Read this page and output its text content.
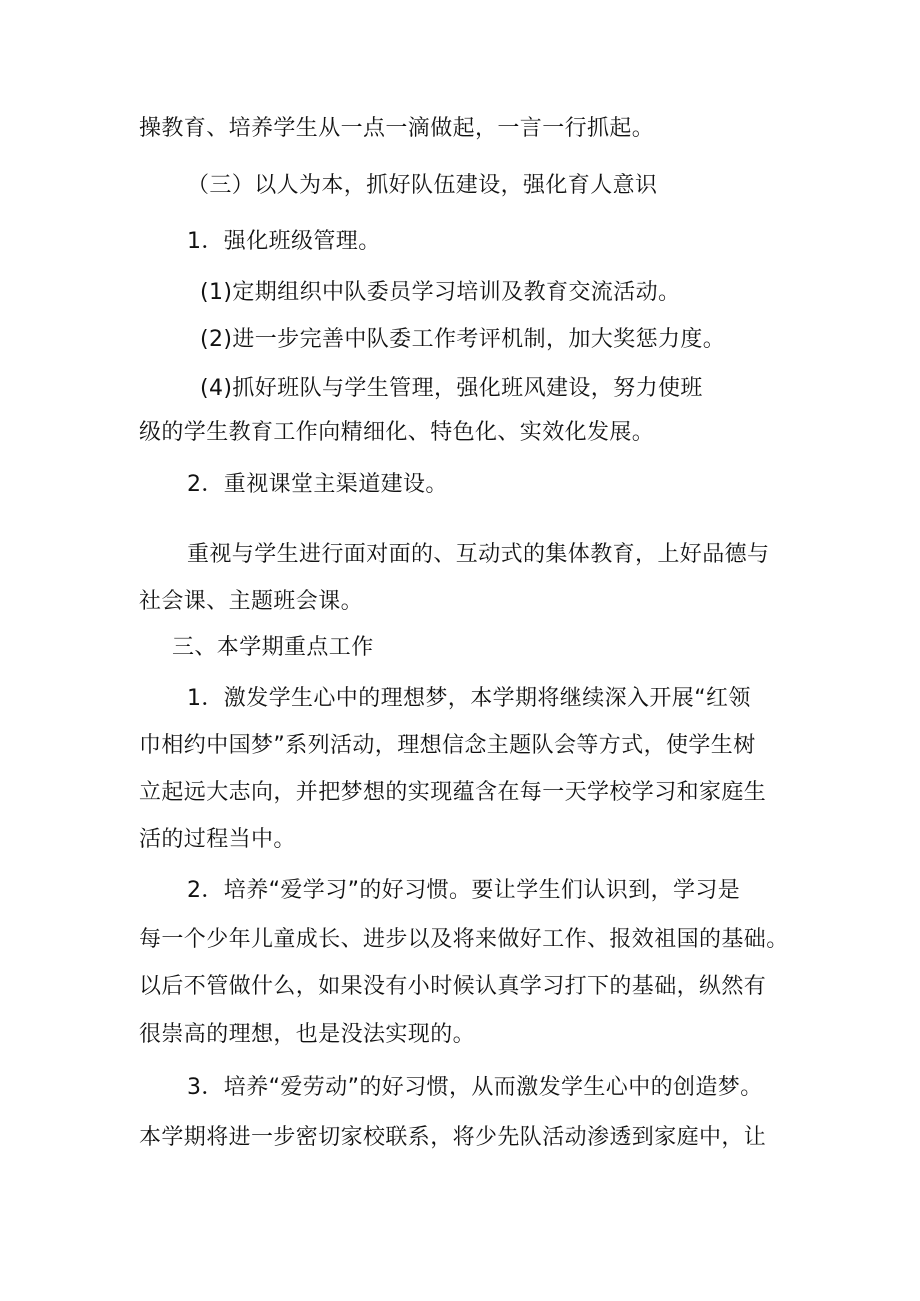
操教育、培养学生从一点一滴做起，一言一行抓起。
（三）以人为本，抓好队伍建设，强化育人意识
1．强化班级管理。
(1)定期组织中队委员学习培训及教育交流活动。
(2)进一步完善中队委工作考评机制，加大奖惩力度。
(4)抓好班队与学生管理，强化班风建设，努力使班
级的学生教育工作向精细化、特色化、实效化发展。
2．重视课堂主渠道建设。
重视与学生进行面对面的、互动式的集体教育，上好品德与
社会课、主题班会课。
三、本学期重点工作
1．激发学生心中的理想梦，本学期将继续深入开展“红领
巾相约中国梦”系列活动，理想信念主题队会等方式，使学生树
立起远大志向，并把梦想的实现蕴含在每一天学校学习和家庭生
活的过程当中。
2．培养“爱学习”的好习惯。要让学生们认识到，学习是
每一个少年儿童成长、进步以及将来做好工作、报效祖国的基础。
以后不管做什么，如果没有小时候认真学习打下的基础，纵然有
很崇高的理想，也是没法实现的。
3．培养“爱劳动”的好习惯，从而激发学生心中的创造梦。
本学期将进一步密切家校联系，将少先队活动渗透到家庭中，让
